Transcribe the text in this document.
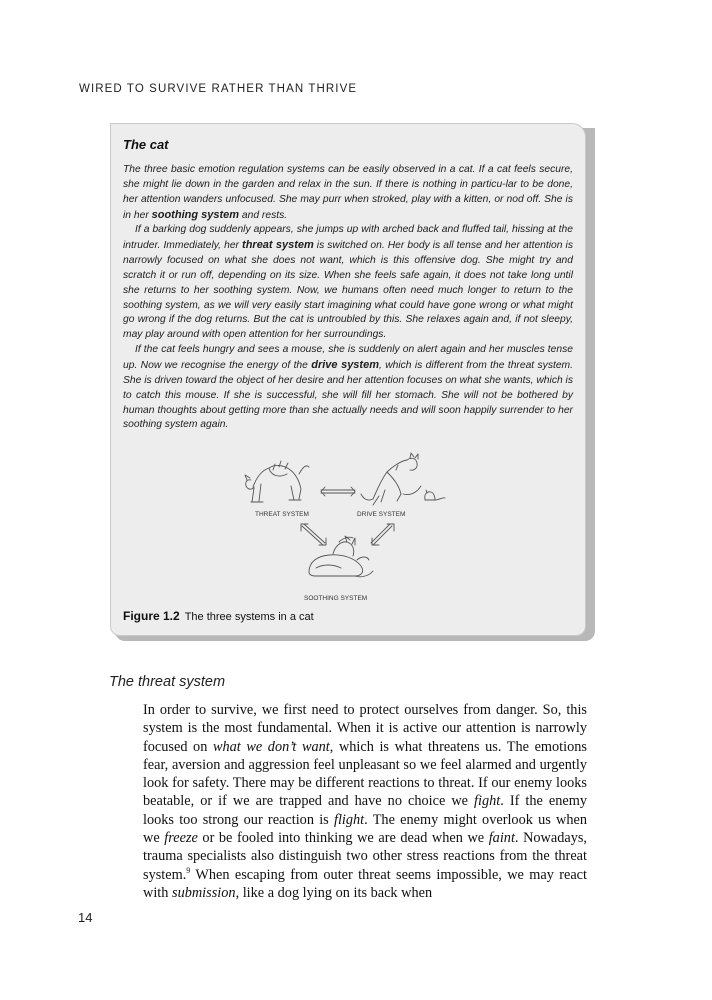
WIRED TO SURVIVE RATHER THAN THRIVE
The cat

The three basic emotion regulation systems can be easily observed in a cat. If a cat feels secure, she might lie down in the garden and relax in the sun. If there is nothing in particu-lar to be done, her attention wanders unfocused. She may purr when stroked, play with a kitten, or nod off. She is in her soothing system and rests.

If a barking dog suddenly appears, she jumps up with arched back and fluffed tail, hissing at the intruder. Immediately, her threat system is switched on. Her body is all tense and her attention is narrowly focused on what she does not want, which is this offensive dog. She might try and scratch it or run off, depending on its size. When she feels safe again, it does not take long until she returns to her soothing system. Now, we humans often need much longer to return to the soothing system, as we will very easily start imagining what could have gone wrong or what might go wrong if the dog returns. But the cat is untroubled by this. She relaxes again and, if not sleepy, may play around with open attention for her surroundings.

If the cat feels hungry and sees a mouse, she is suddenly on alert again and her muscles tense up. Now we recognise the energy of the drive system, which is different from the threat system. She is driven toward the object of her desire and her attention focuses on what she wants, which is to catch this mouse. If she is successful, she will fill her stomach. She will not be bothered by human thoughts about getting more than she actually needs and will soon happily surrender to her soothing system again.

THREAT SYSTEM	DRIVE SYSTEM
SOOTHING SYSTEM
Figure 1.2 The three systems in a cat
The threat system
In order to survive, we first need to protect ourselves from danger. So, this system is the most fundamental. When it is active our attention is narrowly focused on what we don’t want, which is what threatens us. The emotions fear, aversion and aggression feel unpleasant so we feel alarmed and urgently look for safety. There may be different reactions to threat. If our enemy looks beatable, or if we are trapped and have no choice we fight. If the enemy looks too strong our reaction is flight. The enemy might overlook us when we freeze or be fooled into thinking we are dead when we faint. Nowadays, trauma specialists also distinguish two other stress reactions from the threat system.$^9$ When escaping from outer threat seems impossible, we may react with submission, like a dog lying on its back when
14
